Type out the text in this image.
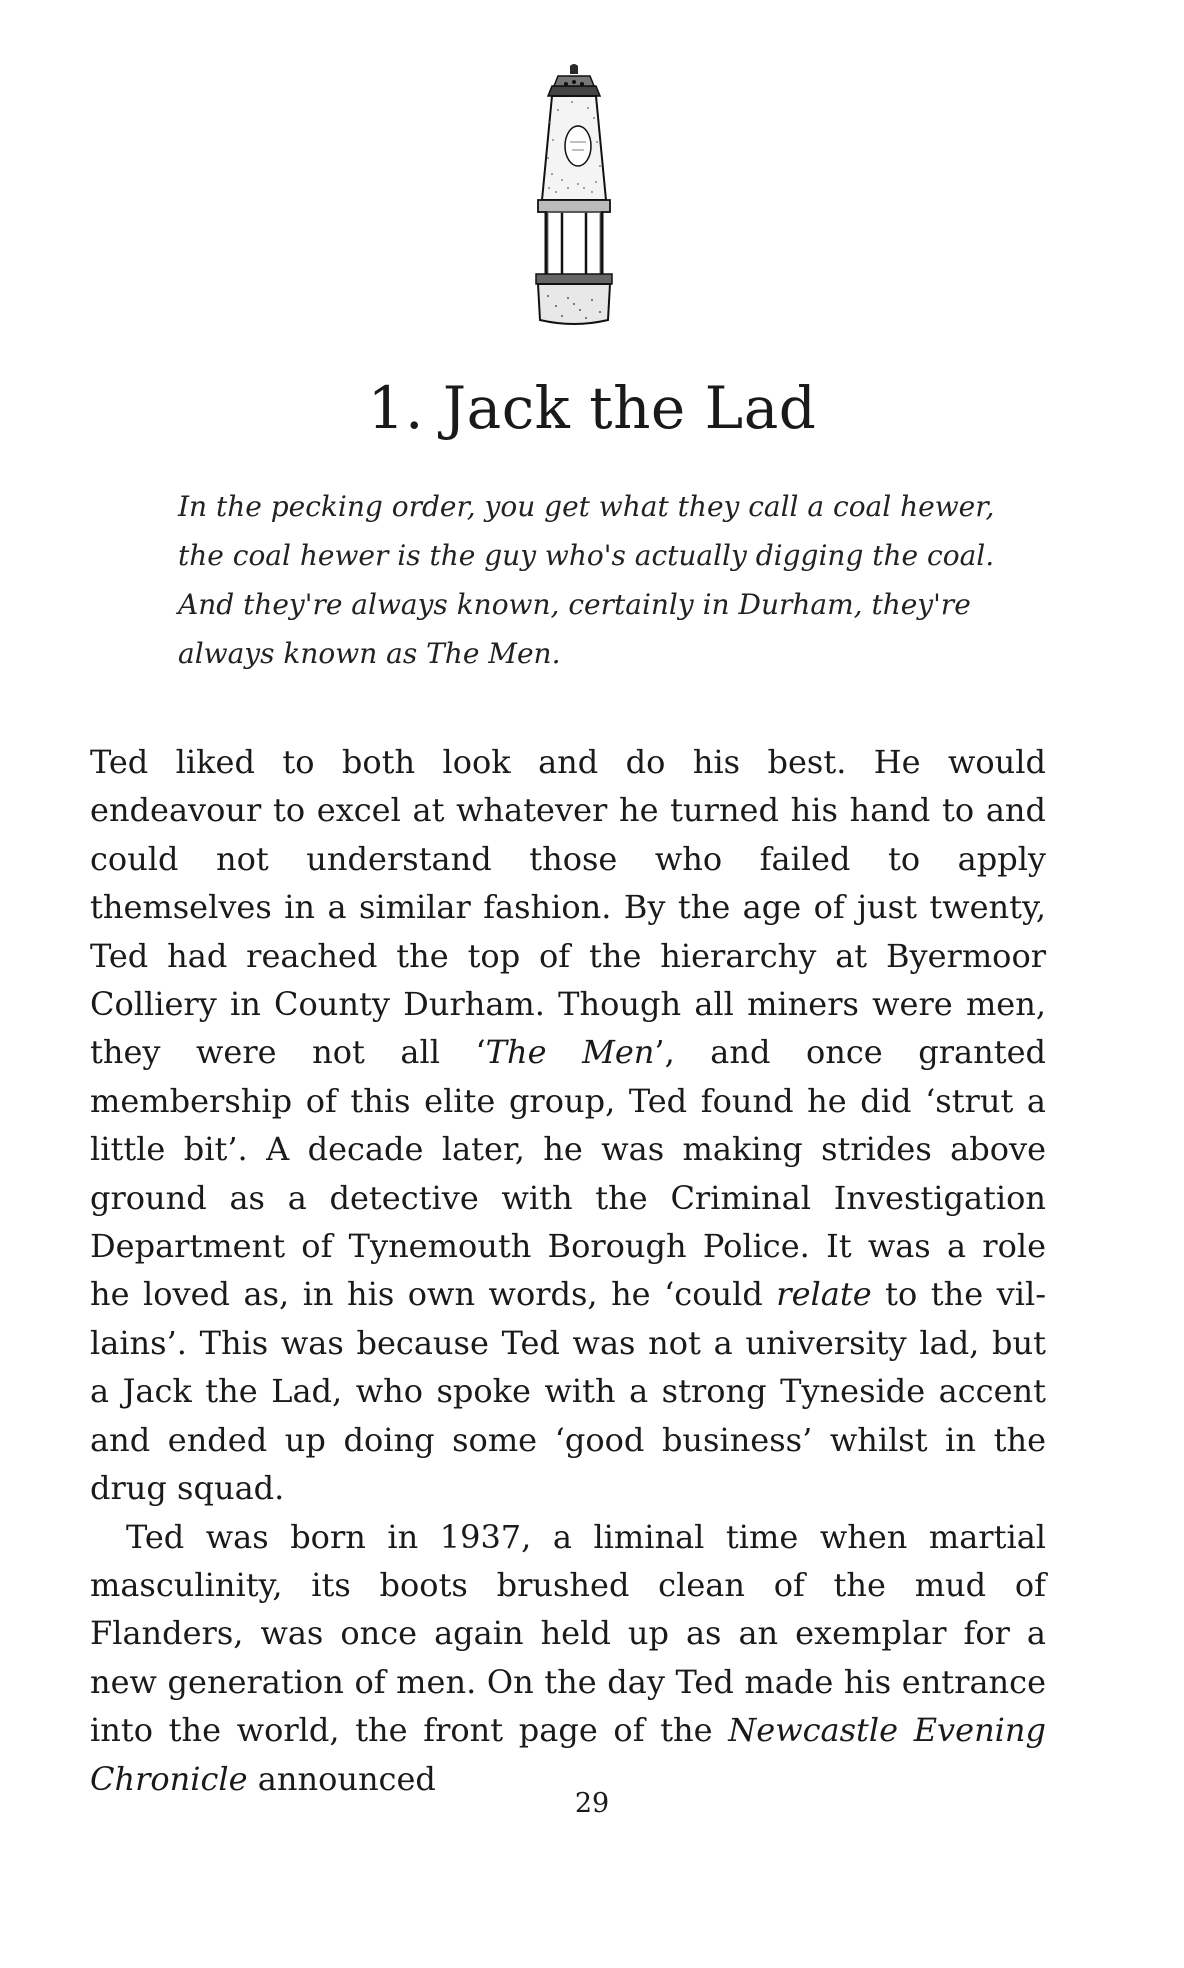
1. Jack the Lad

In the pecking order, you get what they call a coal hewer, the coal hewer is the guy who's actually digging the coal. And they're always known, certainly in Durham, they're always known as The Men.

Ted liked to both look and do his best. He would endeavour to excel at whatever he turned his hand to and could not understand those who failed to apply themselves in a similar fashion. By the age of just twenty, Ted had reached the top of the hierarchy at Byermoor Colliery in County Durham. Though all miners were men, they were not all ‘The Men’, and once granted membership of this elite group, Ted found he did ‘strut a little bit’. A decade later, he was making strides above ground as a detective with the Criminal Investigation Department of Tynemouth Borough Police. It was a role he loved as, in his own words, he ‘could relate to the villains’. This was because Ted was not a university lad, but a Jack the Lad, who spoke with a strong Tyneside accent and ended up doing some ‘good business’ whilst in the drug squad.

Ted was born in 1937, a liminal time when martial masculinity, its boots brushed clean of the mud of Flanders, was once again held up as an exemplar for a new generation of men. On the day Ted made his entrance into the world, the front page of the Newcastle Evening Chronicle announced

29
